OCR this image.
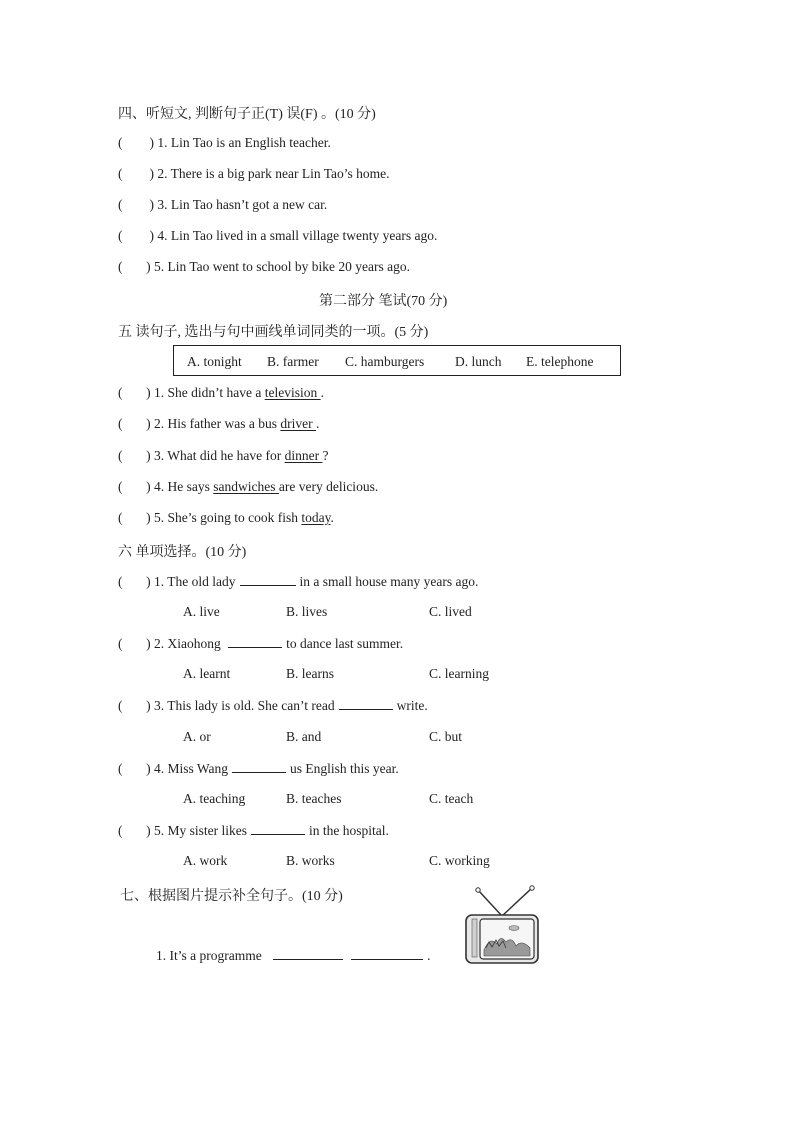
四、听短文, 判断句子正(T) 误(F) 。(10 分)
(        ) 1. Lin Tao is an English teacher.
(        ) 2. There is a big park near Lin Tao’s home.
(        ) 3. Lin Tao hasn’t got a new car.
(        ) 4. Lin Tao lived in a small village twenty years ago.
(       ) 5. Lin Tao went to school by bike 20 years ago.
第二部分 笔试(70 分)
五 读句子, 选出与句中画线单词同类的一项。(5 分)
A. tonight B. farmer C. hamburgers D. lunch E. telephone
(       ) 1. She didn’t have a television .
(       ) 2. His father was a bus driver .
(       ) 3. What did he have for dinner ?
(       ) 4. He says sandwiches are very delicious.
(       ) 5. She’s going to cook fish today.
六 单项选择。(10 分)
(       ) 1. The old lady	in a small house many years ago.
A. live	B. lives	C. lived
(       ) 2. Xiaohong	to dance last summer.
A. learnt	B. learns	C. learning
(       ) 3. This lady is old. She can’t read	write.
A. or	B. and	C. but
(       ) 4. Miss Wang	us English this year.
A. teaching	B. teaches	C. teach
(       ) 5. My sister likes	in the hospital.
A. work	B. works	C. working
七、根据图片提示补全句子。(10 分)
1. It’s a programme	.
